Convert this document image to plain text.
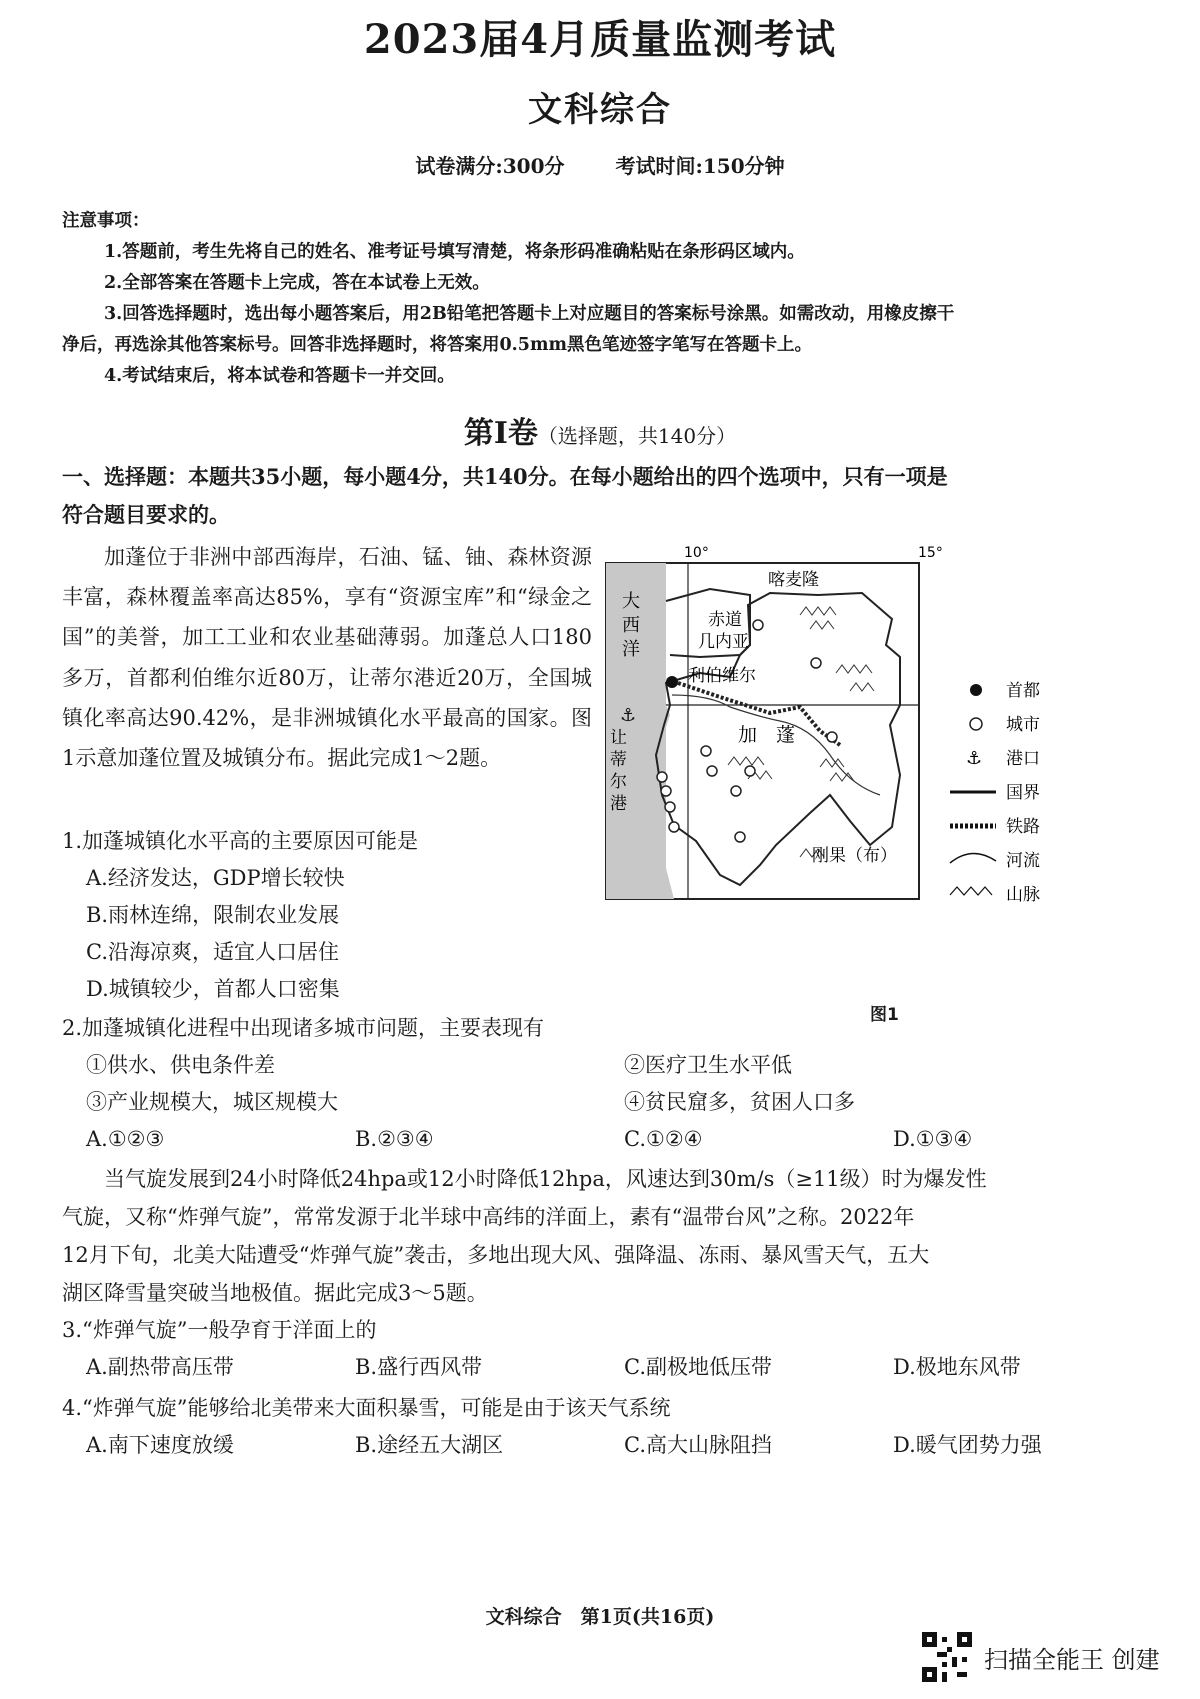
2023届4月质量监测考试
文科综合
试卷满分:300分	考试时间:150分钟
注意事项：
1.答题前，考生先将自己的姓名、准考证号填写清楚，将条形码准确粘贴在条形码区域内。
2.全部答案在答题卡上完成，答在本试卷上无效。
3.回答选择题时，选出每小题答案后，用2B铅笔把答题卡上对应题目的答案标号涂黑。如需改动，用橡皮擦干
净后，再选涂其他答案标号。回答非选择题时，将答案用0.5mm黑色笔迹签字笔写在答题卡上。
4.考试结束后，将本试卷和答题卡一并交回。
第Ⅰ卷（选择题，共140分）
一、选择题：本题共35小题，每小题4分，共140分。在每小题给出的四个选项中，只有一项是
符合题目要求的。
加蓬位于非洲中部西海岸，石油、锰、铀、森林资源丰富，森林覆盖率高达85%，享有“资源宝库”和“绿金之国”的美誉，加工工业和农业基础薄弱。加蓬总人口180多万，首都利伯维尔近80万，让蒂尔港近20万，全国城镇化率高达90.42%，是非洲城镇化水平最高的国家。图1示意加蓬位置及城镇分布。据此完成1～2题。
⚓
10°	15°
大
西
洋
喀麦隆
赤道
几内亚
利伯维尔
让
蒂
尔
港
加　蓬
刚果（布）
首都
城市
⚓ 港口
国界
铁路
河流
山脉
图1
1.加蓬城镇化水平高的主要原因可能是
A.经济发达，GDP增长较快
B.雨林连绵，限制农业发展
C.沿海凉爽，适宜人口居住
D.城镇较少，首都人口密集
2.加蓬城镇化进程中出现诸多城市问题，主要表现有
①供水、供电条件差	②医疗卫生水平低
③产业规模大，城区规模大	④贫民窟多，贫困人口多
A.①②③	B.②③④	C.①②④	D.①③④
当气旋发展到24小时降低24hpa或12小时降低12hpa，风速达到30m/s（≥11级）时为爆发性
气旋，又称“炸弹气旋”，常常发源于北半球中高纬的洋面上，素有“温带台风”之称。2022年
12月下旬，北美大陆遭受“炸弹气旋”袭击，多地出现大风、强降温、冻雨、暴风雪天气，五大
湖区降雪量突破当地极值。据此完成3～5题。
3.“炸弹气旋”一般孕育于洋面上的
A.副热带高压带	B.盛行西风带	C.副极地低压带	D.极地东风带
4.“炸弹气旋”能够给北美带来大面积暴雪，可能是由于该天气系统
A.南下速度放缓	B.途经五大湖区	C.高大山脉阻挡	D.暖气团势力强
文科综合　第1页(共16页)
扫描全能王 创建
